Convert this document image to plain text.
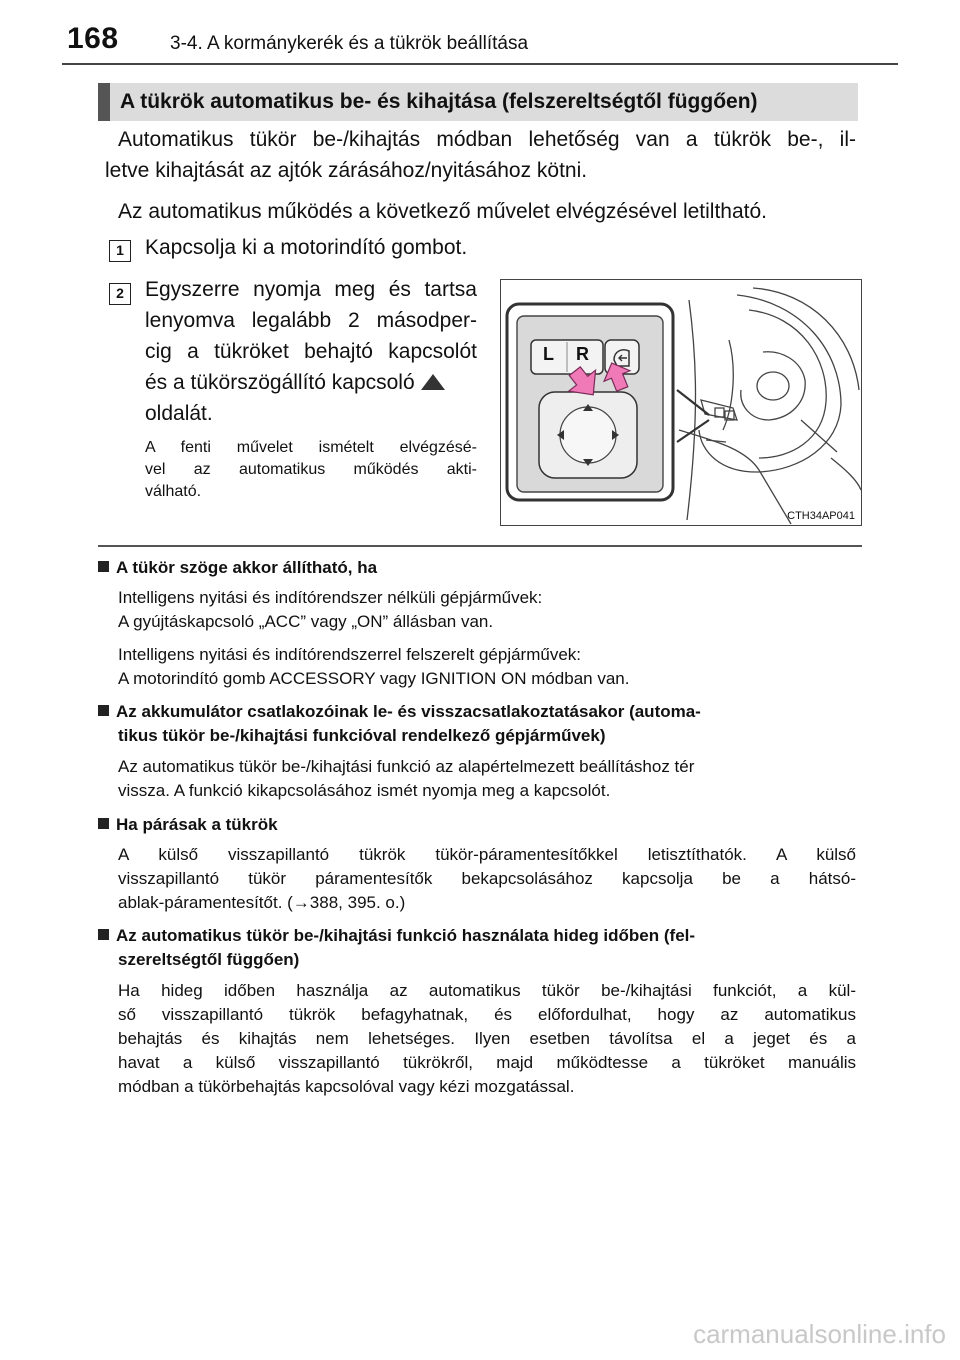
168	3-4. A kormánykerék és a tükrök beállítása
A tükrök automatikus be- és kihajtása (felszereltségtől függően)
Automatikus tükör be-/kihajtás módban lehetőség van a tükrök be-, il-
letve kihajtását az ajtók zárásához/nyitásához kötni.
Az automatikus működés a következő művelet elvégzésével letiltható.
1	Kapcsolja ki a motorindító gombot.
2	Egyszerre nyomja meg és tartsa
lenyomva legalább 2 másodper-
cig a tükröket behajtó kapcsolót
és a tükörszögállító kapcsoló
oldalát.
A fenti művelet ismételt elvégzésé-
vel az automatikus működés akti-
válható.
L R
CTH34AP041
A tükör szöge akkor állítható, ha
Intelligens nyitási és indítórendszer nélküli gépjárművek:
A gyújtáskapcsoló „ACC” vagy „ON” állásban van.
Intelligens nyitási és indítórendszerrel felszerelt gépjárművek:
A motorindító gomb ACCESSORY vagy IGNITION ON módban van.
Az akkumulátor csatlakozóinak le- és visszacsatlakoztatásakor (automa-
tikus tükör be-/kihajtási funkcióval rendelkező gépjárművek)
Az automatikus tükör be-/kihajtási funkció az alapértelmezett beállításhoz tér
vissza. A funkció kikapcsolásához ismét nyomja meg a kapcsolót.
Ha párásak a tükrök
A külső visszapillantó tükrök tükör-páramentesítőkkel letisztíthatók. A külső
visszapillantó tükör páramentesítők bekapcsolásához kapcsolja be a hátsó-
ablak-páramentesítőt. (→388, 395. o.)
Az automatikus tükör be-/kihajtási funkció használata hideg időben (fel-
szereltségtől függően)
Ha hideg időben használja az automatikus tükör be-/kihajtási funkciót, a kül-
ső visszapillantó tükrök befagyhatnak, és előfordulhat, hogy az automatikus
behajtás és kihajtás nem lehetséges. Ilyen esetben távolítsa el a jeget és a
havat a külső visszapillantó tükrökről, majd működtesse a tükröket manuális
módban a tükörbehajtás kapcsolóval vagy kézi mozgatással.
carmanualsonline.info
